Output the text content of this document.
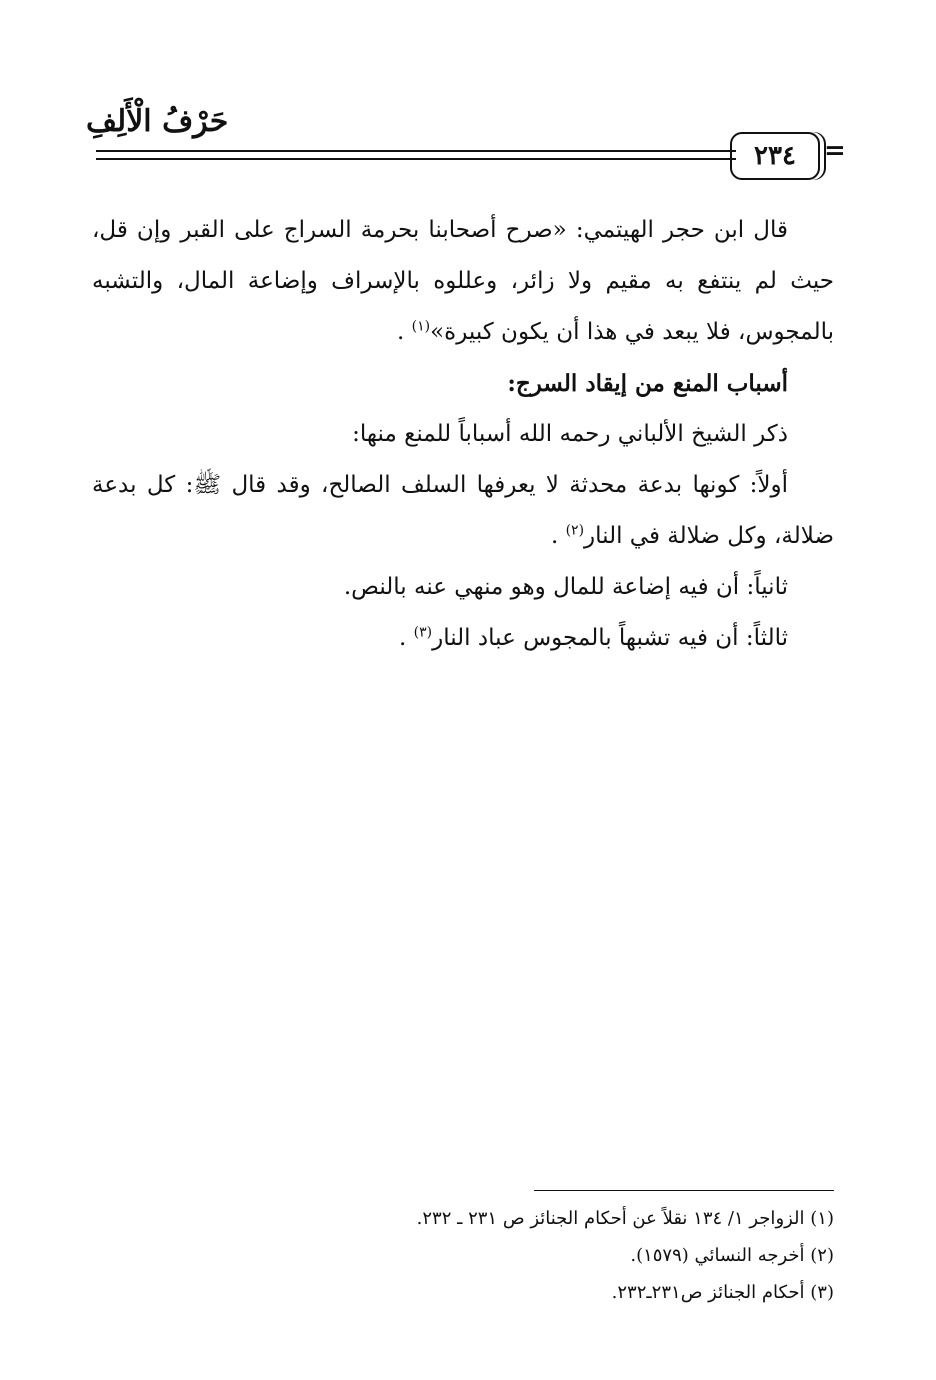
حَرْفُ الْأَلِفِ
٢٣٤	=

قال ابن حجر الهيتمي: «صرح أصحابنا بحرمة السراج على القبر وإن قل، حيث لم ينتفع به مقيم ولا زائر، وعللوه بالإسراف وإضاعة المال، والتشبه بالمجوس، فلا يبعد في هذا أن يكون كبيرة»$^{(١)}$ .

أسباب المنع من إيقاد السرج:

ذكر الشيخ الألباني رحمه الله أسباباً للمنع منها:

أولاً: كونها بدعة محدثة لا يعرفها السلف الصالح، وقد قال ﷺ: كل بدعة ضلالة، وكل ضلالة في النار$^{(٢)}$ .

ثانياً: أن فيه إضاعة للمال وهو منهي عنه بالنص.

ثالثاً: أن فيه تشبهاً بالمجوس عباد النار$^{(٣)}$ .

(١) الزواجر ١/ ١٣٤ نقلاً عن أحكام الجنائز ص ٢٣١ ـ ٢٣٢.

(٢) أخرجه النسائي (١٥٧٩).

(٣) أحكام الجنائز ص٢٣١ـ٢٣٢.
